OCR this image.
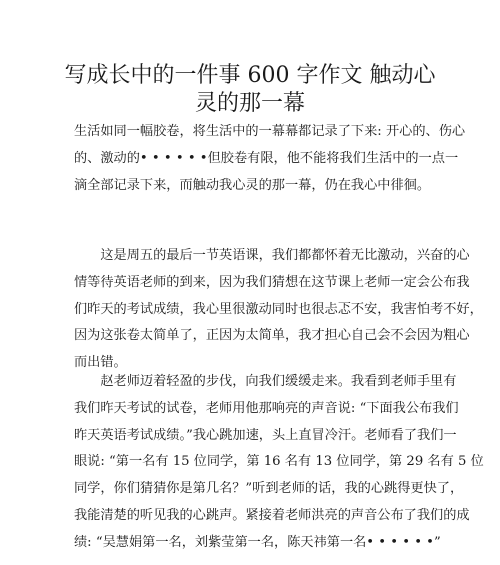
写成长中的一件事 600 字作文 触动心
灵的那一幕
生活如同一幅胶卷，将生活中的一幕幕都记录了下来: 开心的、伤心
的、激动的• • • • • •但胶卷有限，他不能将我们生活中的一点一
滴全部记录下来，而触动我心灵的那一幕，仍在我心中徘徊。
　　这是周五的最后一节英语课，我们都都怀着无比激动，兴奋的心
情等待英语老师的到来，因为我们猜想在这节课上老师一定会公布我
们昨天的考试成绩，我心里很激动同时也很忐忑不安，我害怕考不好，
因为这张卷太简单了，正因为太简单，我才担心自己会不会因为粗心
而出错。
　　赵老师迈着轻盈的步伐，向我们缓缓走来。我看到老师手里有
我们昨天考试的试卷，老师用他那响亮的声音说: “下面我公布我们
昨天英语考试成绩。”我心跳加速，头上直冒冷汗。老师看了我们一
眼说: “第一名有 15 位同学，第 16 名有 13 位同学，第 29 名有 5 位
同学，你们猜猜你是第几名？”听到老师的话，我的心跳得更快了，
我能清楚的听见我的心跳声。紧接着老师洪亮的声音公布了我们的成
绩: “吴慧娟第一名，刘紫莹第一名，陈天祎第一名• • • • • •”
